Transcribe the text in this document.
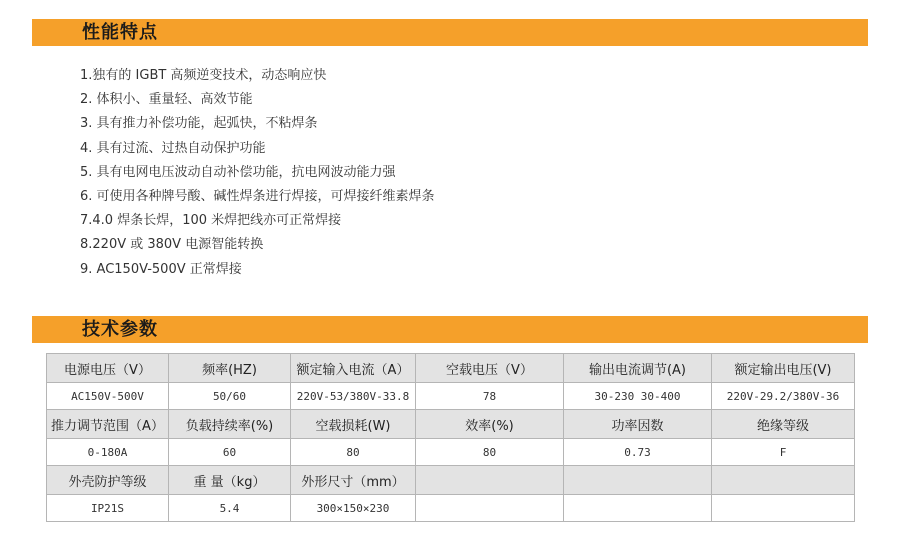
性能特点
1.独有的 IGBT 高频逆变技术，动态响应快
2. 体积小、重量轻、高效节能
3. 具有推力补偿功能，起弧快，不粘焊条
4. 具有过流、过热自动保护功能
5. 具有电网电压波动自动补偿功能，抗电网波动能力强
6. 可使用各种牌号酸、碱性焊条进行焊接，可焊接纤维素焊条
7.4.0 焊条长焊，100 米焊把线亦可正常焊接
8.220V 或 380V 电源智能转换
9. AC150V-500V 正常焊接
技术参数
电源电压（V）	频率(HZ)	额定输入电流（A）	空载电压（V）	输出电流调节(A)	额定输出电压(V)
AC150V-500V	50/60	220V-53/380V-33.8	78	30-230 30-400	220V-29.2/380V-36
推力调节范围（A）	负载持续率(%)	空载损耗(W)	效率(%)	功率因数	绝缘等级
0-180A	60	80	80	0.73	F
外壳防护等级	重 量（kg）	外形尺寸（mm）			
IP21S	5.4	300×150×230			
